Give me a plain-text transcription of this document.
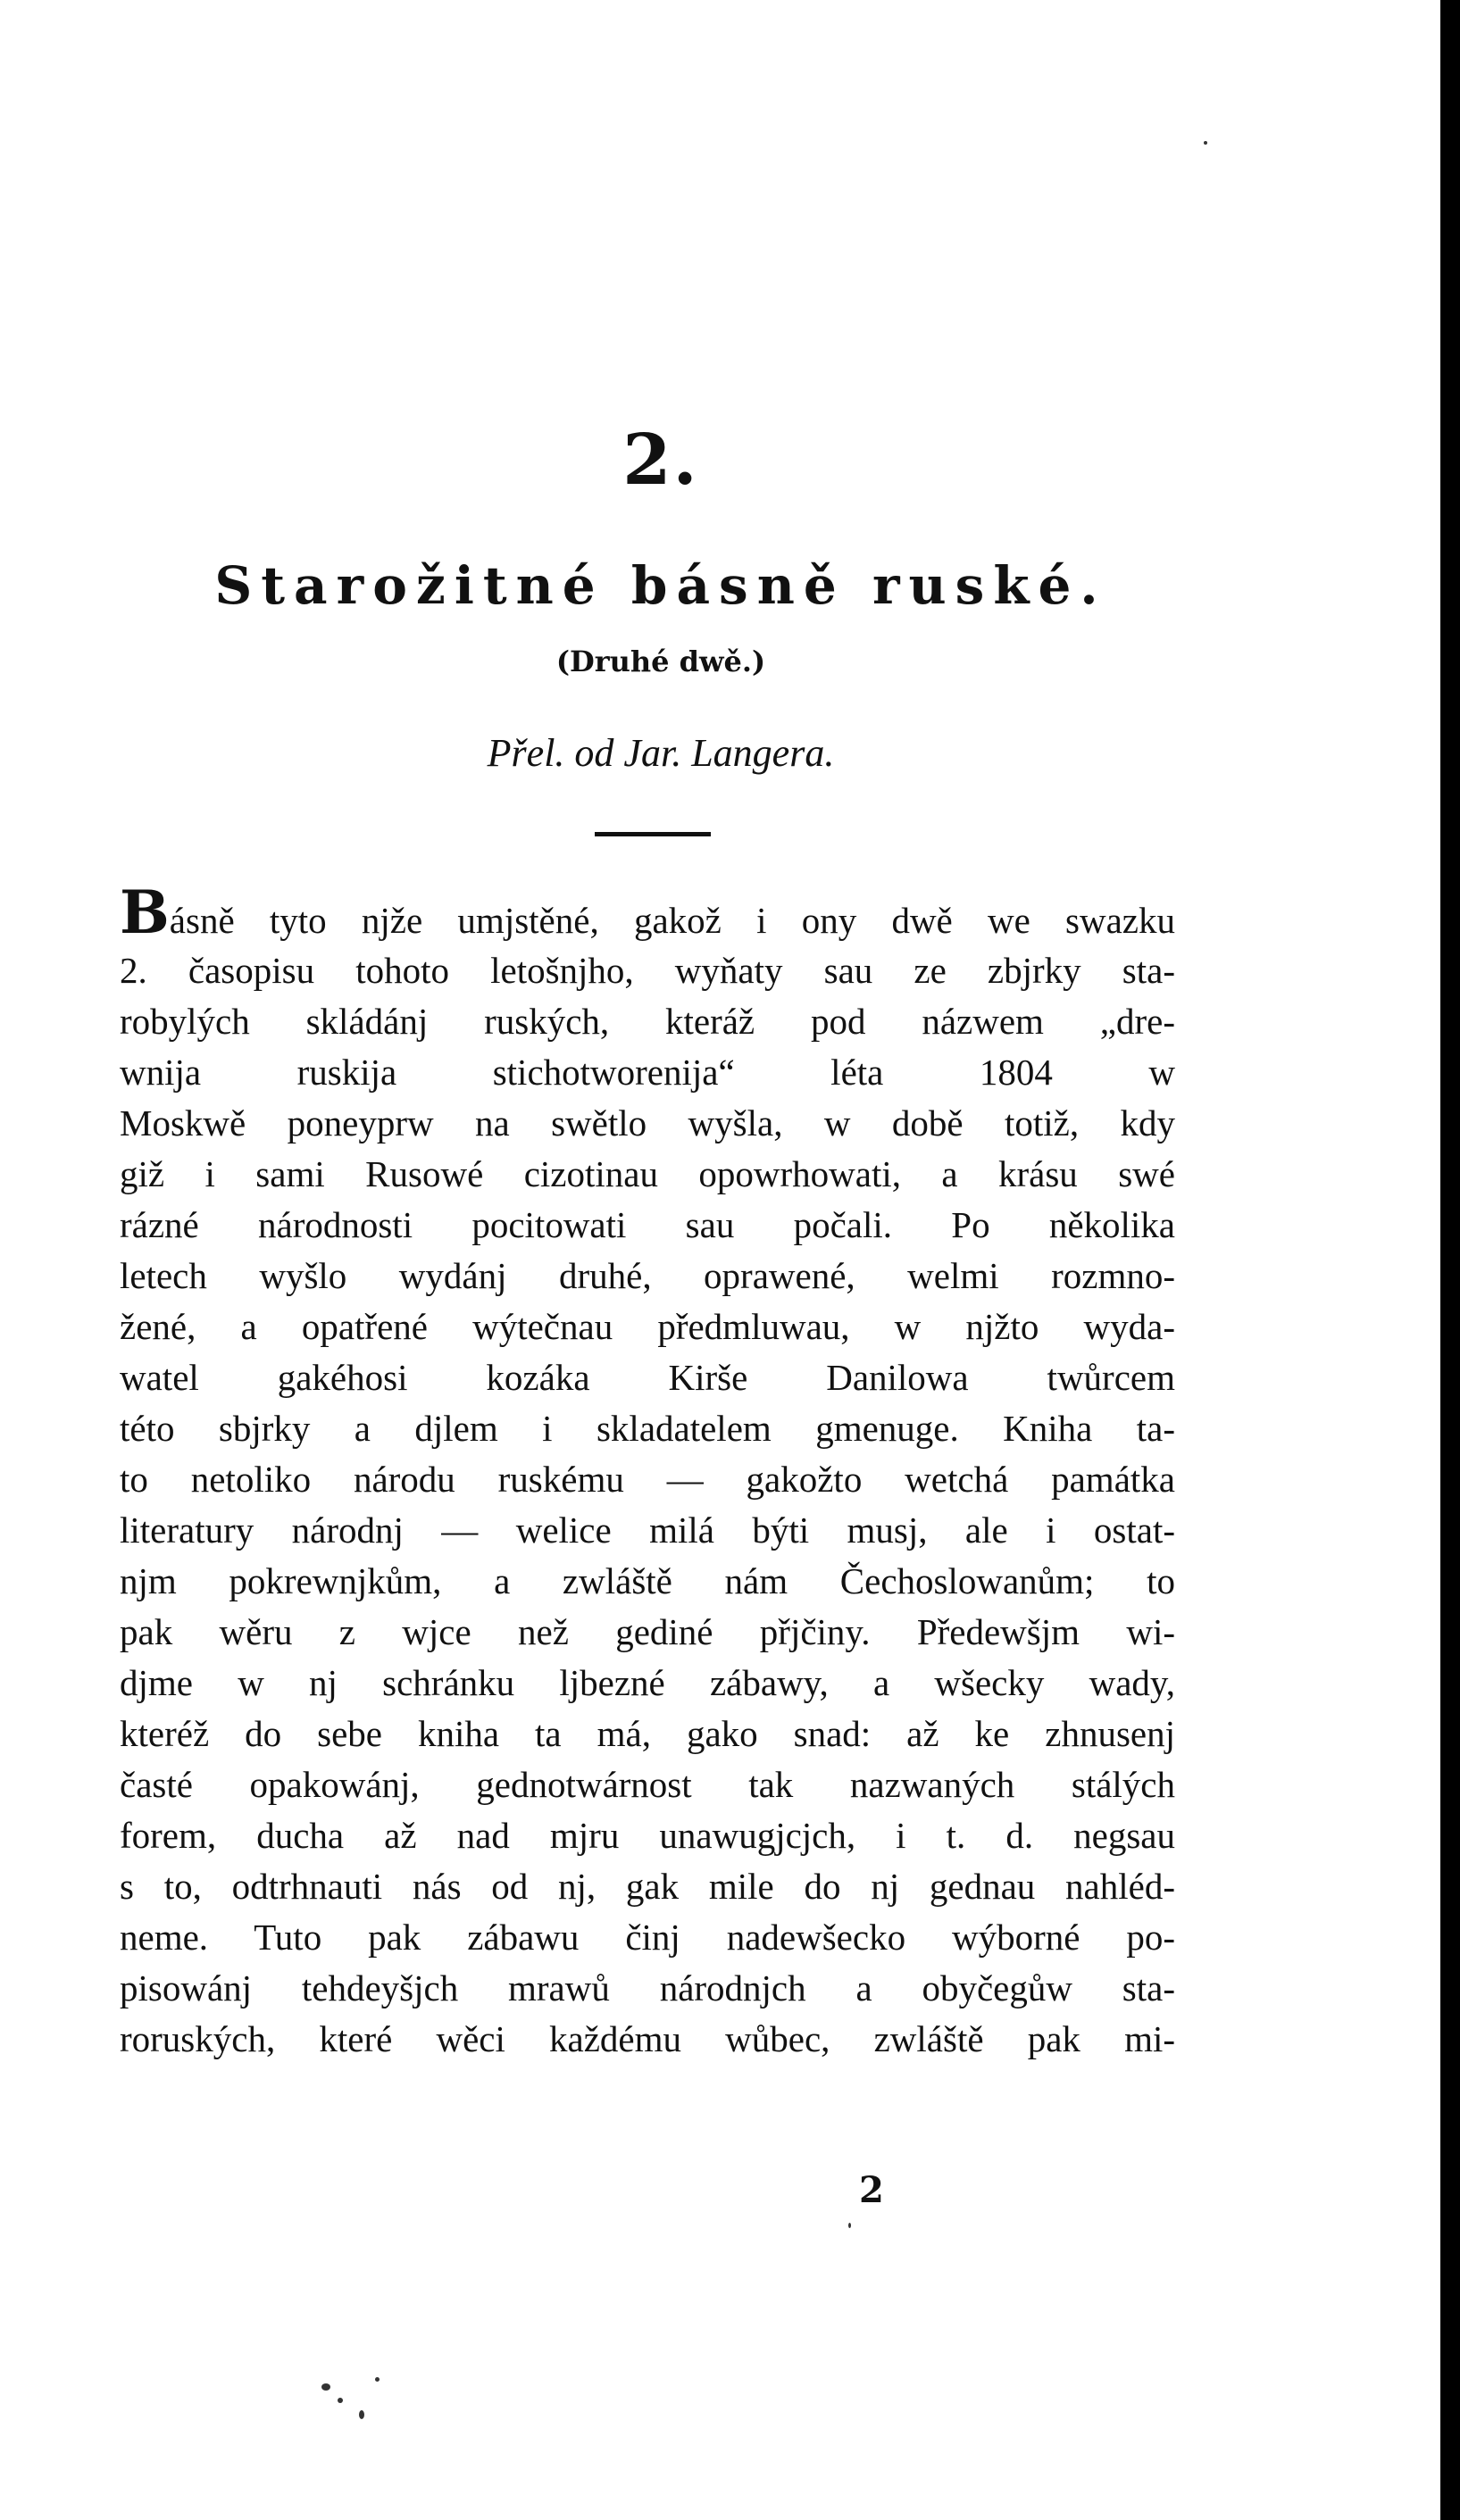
2.
Starožitné básně ruské.
(Druhé dwě.)
Přel. od Jar. Langera.
Básně tyto njže umjstěné, gakož i ony dwě we swazku
2. časopisu tohoto letošnjho, wyňaty sau ze zbjrky sta-
robylých skládánj ruských, kteráž pod názwem „dre-
wnija ruskija stichotworenija“ léta 1804 w
Moskwě poneyprw na swětlo wyšla, w době totiž, kdy
giž i sami Rusowé cizotinau opowrhowati, a krásu swé
rázné národnosti pocitowati sau počali. Po několika
letech wyšlo wydánj druhé, oprawené, welmi rozmno-
žené, a opatřené wýtečnau předmluwau, w njžto wyda-
watel gakéhosi kozáka Kirše Danilowa twůrcem
této sbjrky a djlem i skladatelem gmenuge. Kniha ta-
to netoliko národu ruskému — gakožto wetchá památka
literatury národnj — welice milá býti musj, ale i ostat-
njm pokrewnjkům, a zwláště nám Čechoslowanům; to
pak wěru z wjce než gediné přjčiny. Předewšjm wi-
djme w nj schránku ljbezné zábawy, a wšecky wady,
kteréž do sebe kniha ta má, gako snad: až ke zhnusenj
časté opakowánj, gednotwárnost tak nazwaných stálých
forem, ducha až nad mjru unawugjcjch, i t. d. negsau
s to, odtrhnauti nás od nj, gak mile do nj gednau nahléd-
neme. Tuto pak zábawu činj nadewšecko wýborné po-
pisowánj tehdeyšjch mrawů národnjch a obyčegůw sta-
roruských, které wěci každému wůbec, zwláště pak mi-
2
